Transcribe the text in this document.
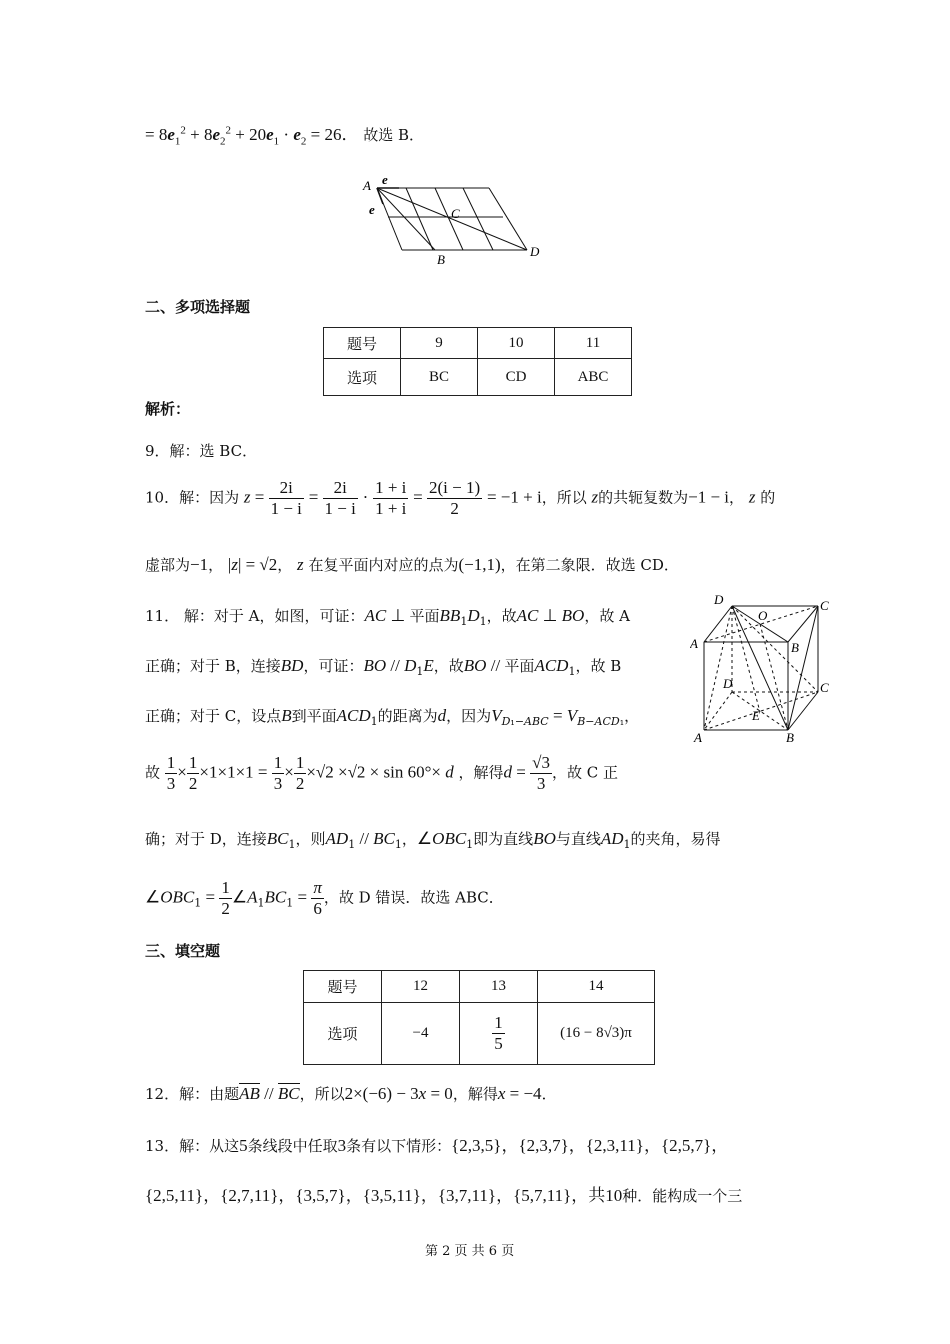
= $8e_1^2 + 8e_2^2 + 20e_1 \cdot e_2 = 26$． 故选 B．
A e
e	C
B
D
二、多项选择题
题号	9	10	11
选项	BC	CD	ABC
解析：
9．解：选 BC．
10．解：因为 $z = \frac{2i}{1 - i} = \frac{2i}{1 - i} \cdot \frac{1 + i}{1 + i} = \frac{2(i - 1)}{2} = -1 + i$，所以 z的共轭复数为−1 − i， z 的
虚部为−1， |z| = √2， z 在复平面内对应的点为(−1,1)，在第二象限．故选 CD．
11． 解：对于 A，如图，可证：AC ⊥ 平面$BB_1D_1$，故AC ⊥ BO，故 A
正确；对于 B，连接BD，可证：BO // $D_1E$，故BO // 平面$ACD_1$，故 B
正确；对于 C，设点B到平面$ACD_1$的距离为d，因为$V_{D_1-ABC} = V_{B-ACD_1}$，
故 $\frac{1}{3} \times \frac{1}{2} \times 1\times 1\times 1 = \frac{1}{3} \times \frac{1}{2} \times√2 \times√2 \times \sin 60^\circ\times d$ ，解得$d = \frac{√3}{3}$ ，故 C 正
确；对于 D，连接$BC_1$，则$AD_1 // BC_1$，$\angle OBC_1$即为直线BO与直线$AD_1$的夹角，易得
$\angle OBC_1 = \frac{1}{2}$ $\angle A_1BC_1 = \frac{\pi}{6}$ ，故 D 错误．故选 ABC．
D	C
A	B
O
D	C
E
A	B
三、填空题
题号	12	13	14
选项	−4	$\frac{1}{5}$	(16 − 8√3)π
12．解：由题AB // BC，所以2×(−6) − 3x = 0，解得x = −4．
13．解：从这5条线段中任取3条有以下情形：{2,3,5}，{2,3,7}，{2,3,11}，{2,5,7}，
{2,5,11}，{2,7,11}，{3,5,7}，{3,5,11}，{3,7,11}，{5,7,11}，共10种．能构成一个三
第 2 页 共 6 页
